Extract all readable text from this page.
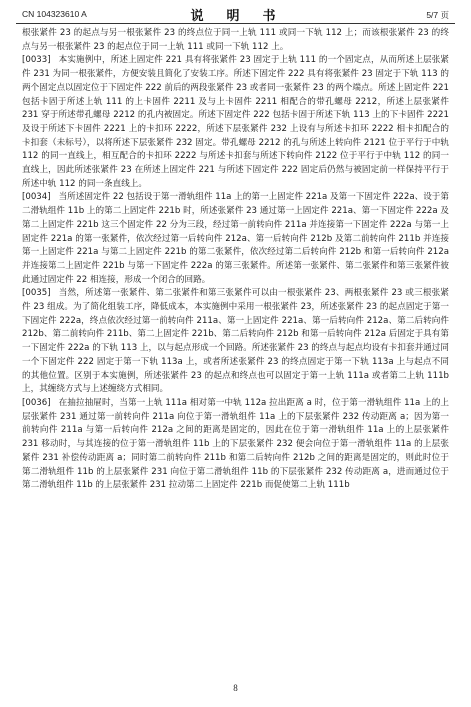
CN 104323610 A	说　明　书	5/7 页

根张紧件 23 的起点与另一根张紧件 23 的终点位于同一上轨 111 或同一下轨 112 上；而该根张紧件 23 的终点与另一根张紧件 23 的起点位于同一上轨 111 或同一下轨 112 上。

[0033] 本实施例中，所述上固定件 221 具有将张紧件 23 固定于上轨 111 的一个固定点，从而所述上层张紧件 231 为同一根张紧件，方便安装且简化了安装工序。所述下固定件 222 具有将张紧件 23 固定于下轨 113 的两个固定点以固定位于下固定件 222 前后的两段张紧件 23 或者同一张紧件 23 的两个端点。所述上固定件 221 包括卡固于所述上轨 111 的上卡固件 2211 及与上卡固件 2211 相配合的带孔螺母 2212，所述上层张紧件 231 穿于所述带孔螺母 2212 的孔内被固定。所述下固定件 222 包括卡固于所述下轨 113 上的下卡固件 2221 及设于所述下卡固件 2221 上的卡扣环 2222，所述下层张紧件 232 上设有与所述卡扣环 2222 相卡扣配合的卡扣套（未标号），以将所述下层张紧件 232 固定。带孔螺母 2212 的孔与所述上转向件 2121 位于平行于中轨 112 的同一直线上，相互配合的卡扣环 2222 与所述卡扣套与所述下转向件 2122 位于平行于中轨 112 的同一直线上，因此所述张紧件 23 在所述上固定件 221 与所述下固定件 222 固定后仍然与被固定前一样保持平行于所述中轨 112 的同一条直线上。

[0034] 当所述固定件 22 包括设于第一滑轨组件 11a 上的第一上固定件 221a 及第一下固定件 222a、设于第二滑轨组件 11b 上的第二上固定件 221b 时，所述张紧件 23 通过第一上固定件 221a、第一下固定件 222a 及第二上固定件 221b 这三个固定件 22 分为三段，经过第一前转向件 211a 并连接第一下固定件 222a 与第一上固定件 221a 的第一张紧件，依次经过第一后转向件 212a、第一后转向件 212b 及第二前转向件 211b 并连接第一上固定件 221a 与第二上固定件 221b 的第二张紧件，依次经过第二后转向件 212b 和第一后转向件 212a 并连接第二上固定件 221b 与第一下固定件 222a 的第三张紧件。所述第一张紧件、第二张紧件和第三张紧件彼此通过固定件 22 相连接，形成一个闭合的回路。

[0035] 当然，所述第一张紧件、第二张紧件和第三张紧件可以由一根张紧件 23、两根张紧件 23 或三根张紧件 23 组成。为了简化组装工序，降低成本，本实施例中采用一根张紧件 23，所述张紧件 23 的起点固定于第一下固定件 222a，终点依次经过第一前转向件 211a、第一上固定件 221a、第一后转向件 212a、第二后转向件 212b、第二前转向件 211b、第二上固定件 221b、第二后转向件 212b 和第一后转向件 212a 后固定于具有第一下固定件 222a 的下轨 113 上，以与起点形成一个回路。所述张紧件 23 的终点与起点均设有卡扣套并通过同一个下固定件 222 固定于第一下轨 113a 上，或者所述张紧件 23 的终点固定于第一下轨 113a 上与起点不同的其他位置。区别于本实施例，所述张紧件 23 的起点和终点也可以固定于第一上轨 111a 或者第二上轨 111b 上，其缠绕方式与上述缠绕方式相同。

[0036] 在抽拉抽屉时，当第一上轨 111a 相对第一中轨 112a 拉出距离 a 时，位于第一滑轨组件 11a 上的上层张紧件 231 通过第一前转向件 211a 向位于第一滑轨组件 11a 上的下层张紧件 232 传动距离 a；因为第一前转向件 211a 与第一后转向件 212a 之间的距离是固定的，因此在位于第一滑轨组件 11a 上的上层张紧件 231 移动时，与其连接的位于第一滑轨组件 11b 上的下层张紧件 232 便会向位于第一滑轨组件 11a 的上层张紧件 231 补偿传动距离 a；同时第二前转向件 211b 和第二后转向件 212b 之间的距离是固定的，则此时位于第二滑轨组件 11b 的上层张紧件 231 向位于第二滑轨组件 11b 的下层张紧件 232 传动距离 a，进而通过位于第二滑轨组件 11b 的上层张紧件 231 拉动第二上固定件 221b 而促使第二上轨 111b

8
